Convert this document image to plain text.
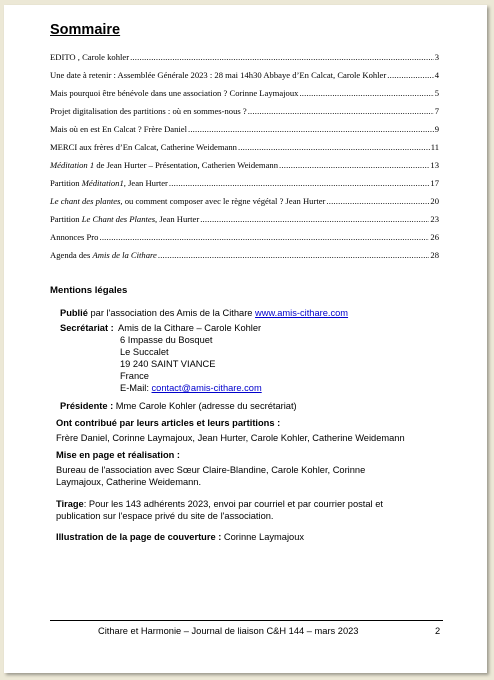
Sommaire
EDITO , Carole kohler .....	3
Une date à retenir : Assemblée Générale 2023 : 28 mai 14h30 Abbaye d’En Calcat, Carole Kohler .....	4
Mais pourquoi être bénévole dans une association ? Corinne Laymajoux .....	5
Projet digitalisation des partitions : où en sommes-nous ? .....	7
Mais où en est En Calcat ? Frère Daniel .....	9
MERCI aux frères d’En Calcat, Catherine Weidemann .....	11
Méditation 1 de Jean Hurter – Présentation, Catherien Weidemann .....	13
Partition Méditation1, Jean Hurter .....	17
Le chant des plantes, ou comment composer avec le règne végétal ? Jean Hurter .....	20
Partition Le Chant des Plantes, Jean Hurter .....	23
Annonces Pro .....	26
Agenda des Amis de la Cithare .....	28
Mentions légales
Publié par l'association des Amis de la Cithare www.amis-cithare.com
Secrétariat : Amis de la Cithare – Carole Kohler
6 Impasse du Bosquet
Le Succalet
19 240 SAINT VIANCE
France
E-Mail: contact@amis-cithare.com
Présidente : Mme Carole Kohler (adresse du secrétariat)
Ont contribué par leurs articles et leurs partitions :
Frère Daniel, Corinne Laymajoux, Jean Hurter, Carole Kohler, Catherine Weidemann
Mise en page et réalisation :
Bureau de l'association avec Sœur Claire-Blandine, Carole Kohler, Corinne
Laymajoux, Catherine Weidemann.
Tirage: Pour les 143 adhérents 2023, envoi par courriel et par courrier postal et
publication sur l'espace privé du site de l'association.
Illustration de la page de couverture : Corinne Laymajoux
Cithare et Harmonie – Journal de liaison C&H 144 – mars 2023	2
